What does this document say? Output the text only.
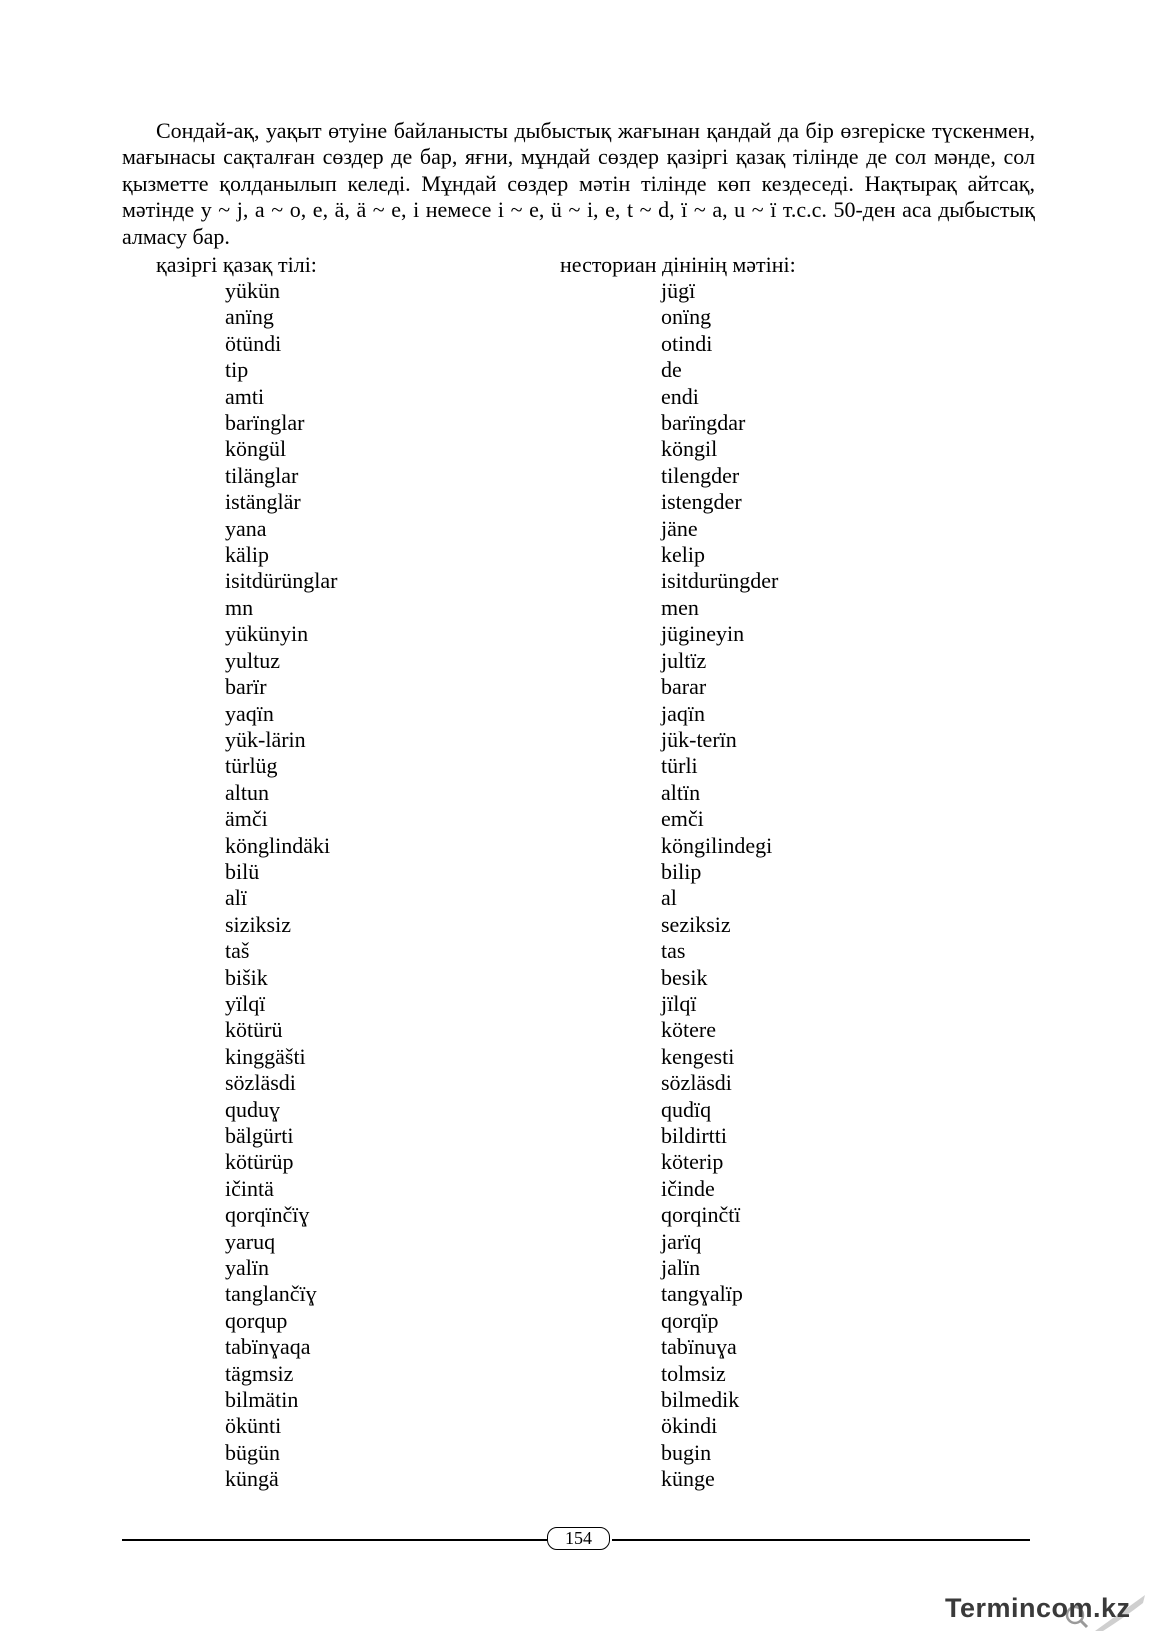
Сондай-ақ, уақыт өтуіне байланысты дыбыстық жағынан қандай да бір өзгеріске түскенмен, мағынасы сақталған сөздер де бар, яғни, мұндай сөздер қазіргі қазақ тілінде де сол мәнде, сол қызметте қолданылып келеді. Мұндай сөздер мәтін тілінде көп кездеседі. Нақтырақ айтсақ, мәтінде y ~ j, a ~ o, e, ä, ä ~ e, i немесе i ~ e, ü ~ i, e, t ~ d, ï ~ a, u ~ ï т.с.с. 50-ден аса дыбыстық алмасу бар.

қазіргі қазақ тілі:	несториан дінінің мәтіні:
yükün
anïng
ötündi
tip
amti
barïnglar
köngül
tilänglar
istänglär
yana
kälip
isitdürünglar
mn
yükünyin
yultuz
barïr
yaqïn
yük-lärin
türlüg
altun
ämči
könglindäki
bilü
alï
siziksiz
taš
bišik
yïlqï
kötürü
kinggäšti
sözläsdi
quduɣ
bälgürti
kötürüp
ičintä
qorqïnčïɣ
yaruq
yalïn
tanglančïɣ
qorqup
tabïnɣaqa
tägmsiz
bilmätin
ökünti
bügün
küngä
jügï
onïng
otindi
de
endi
barïngdar
köngil
tilengder
istengder
jäne
kelip
isitdurüngder
men
jügineyin
jultïz
barar
jaqïn
jük-terïn
türli
altïn
emči
köngilindegi
bilip
al
seziksiz
tas
besik
jïlqï
kötere
kengesti
sözläsdi
qudïq
bildirtti
köterip
ičinde
qorqinčtï
jarïq
jalïn
tangɣalïp
qorqïp
tabïnuɣa
tolmsiz
bilmedik
ökindi
bugin
künge
154
Termincom.kz
